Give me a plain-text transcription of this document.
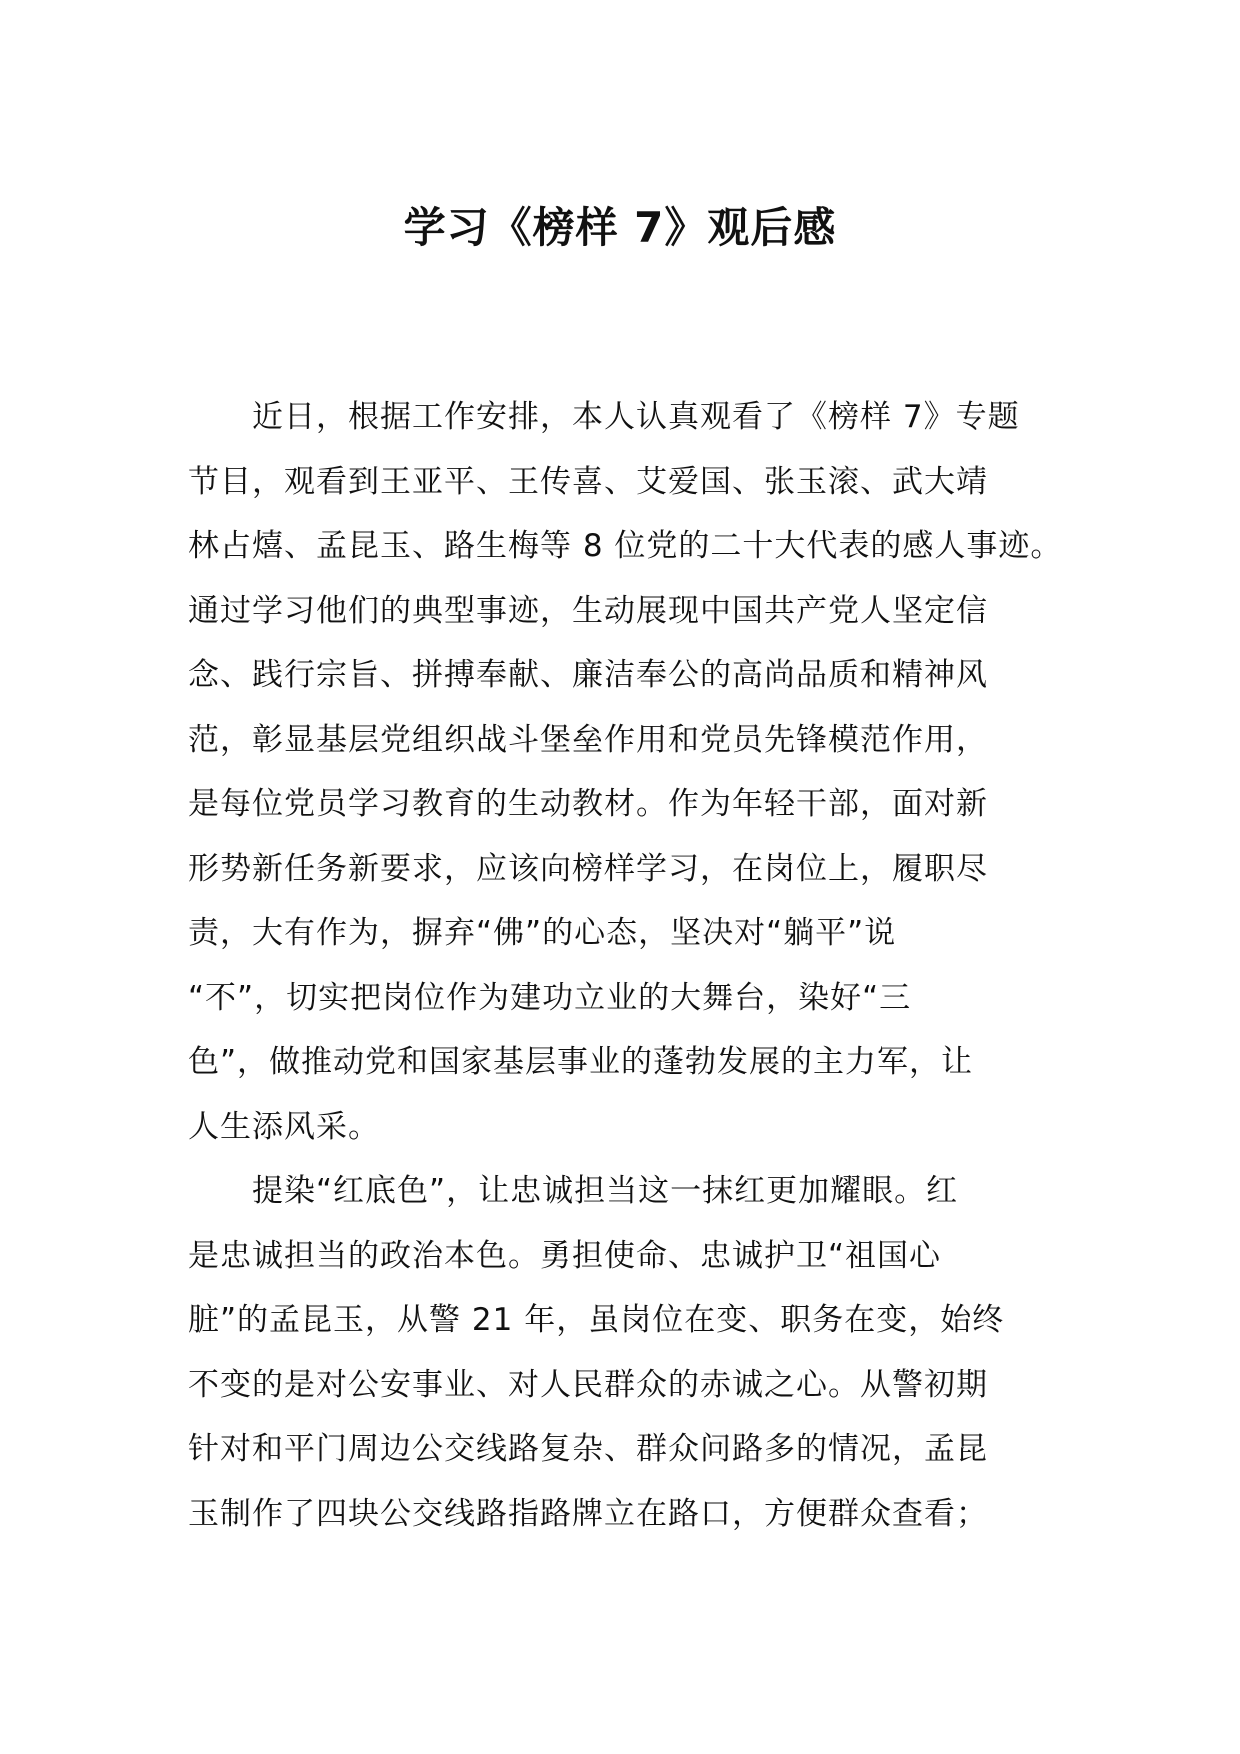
学习《榜样 7》观后感
　　近日，根据工作安排，本人认真观看了《榜样 7》专题
节目，观看到王亚平、王传喜、艾爱国、张玉滚、武大靖
林占熺、孟昆玉、路生梅等 8 位党的二十大代表的感人事迹。
通过学习他们的典型事迹，生动展现中国共产党人坚定信
念、践行宗旨、拼搏奉献、廉洁奉公的高尚品质和精神风
范，彰显基层党组织战斗堡垒作用和党员先锋模范作用，
是每位党员学习教育的生动教材。作为年轻干部，面对新
形势新任务新要求，应该向榜样学习，在岗位上，履职尽
责，大有作为，摒弃“佛”的心态，坚决对“躺平”说
“不”，切实把岗位作为建功立业的大舞台，染好“三
色”，做推动党和国家基层事业的蓬勃发展的主力军，让
人生添风采。
　　提染“红底色”，让忠诚担当这一抹红更加耀眼。红
是忠诚担当的政治本色。勇担使命、忠诚护卫“祖国心
脏”的孟昆玉，从警 21 年，虽岗位在变、职务在变，始终
不变的是对公安事业、对人民群众的赤诚之心。从警初期
针对和平门周边公交线路复杂、群众问路多的情况，孟昆
玉制作了四块公交线路指路牌立在路口，方便群众查看；
